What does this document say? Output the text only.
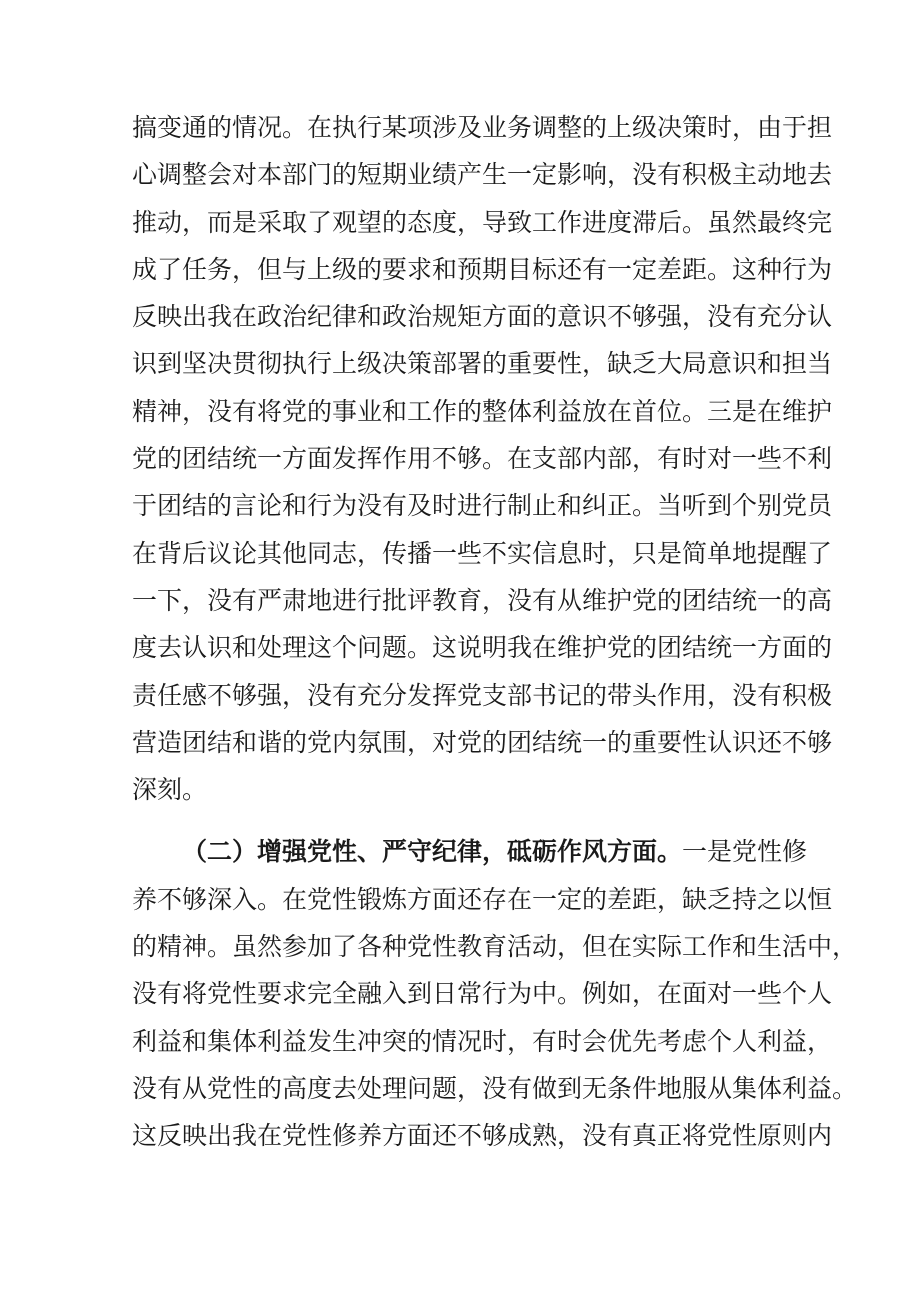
搞变通的情况。在执行某项涉及业务调整的上级决策时，由于担
心调整会对本部门的短期业绩产生一定影响，没有积极主动地去
推动，而是采取了观望的态度，导致工作进度滞后。虽然最终完
成了任务，但与上级的要求和预期目标还有一定差距。这种行为
反映出我在政治纪律和政治规矩方面的意识不够强，没有充分认
识到坚决贯彻执行上级决策部署的重要性，缺乏大局意识和担当
精神，没有将党的事业和工作的整体利益放在首位。三是在维护
党的团结统一方面发挥作用不够。在支部内部，有时对一些不利
于团结的言论和行为没有及时进行制止和纠正。当听到个别党员
在背后议论其他同志，传播一些不实信息时，只是简单地提醒了
一下，没有严肃地进行批评教育，没有从维护党的团结统一的高
度去认识和处理这个问题。这说明我在维护党的团结统一方面的
责任感不够强，没有充分发挥党支部书记的带头作用，没有积极
营造团结和谐的党内氛围，对党的团结统一的重要性认识还不够
深刻。
（二）增强党性、严守纪律，砥砺作风方面。一是党性修
养不够深入。在党性锻炼方面还存在一定的差距，缺乏持之以恒
的精神。虽然参加了各种党性教育活动，但在实际工作和生活中，
没有将党性要求完全融入到日常行为中。例如，在面对一些个人
利益和集体利益发生冲突的情况时，有时会优先考虑个人利益，
没有从党性的高度去处理问题，没有做到无条件地服从集体利益。
这反映出我在党性修养方面还不够成熟，没有真正将党性原则内
